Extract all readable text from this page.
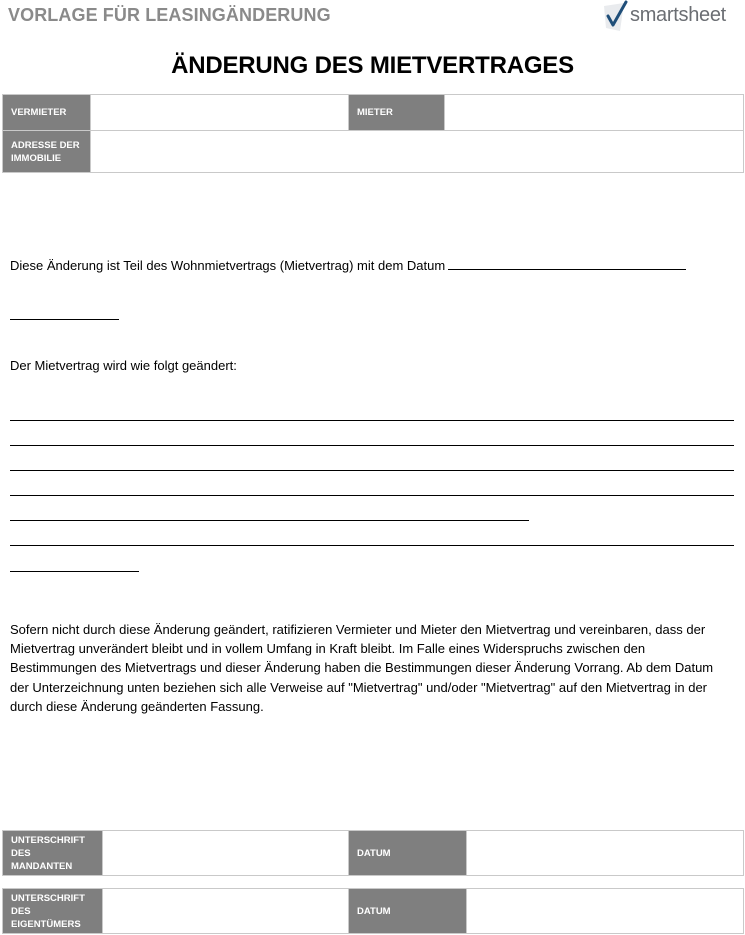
VORLAGE FÜR LEASINGÄNDERUNG	smartsheet
ÄNDERUNG DES MIETVERTRAGES
VERMIETER		MIETER	
ADRESSE DER IMMOBILIE			
Diese Änderung ist Teil des Wohnmietvertrags (Mietvertrag) mit dem Datum
Der Mietvertrag wird wie folgt geändert:
Sofern nicht durch diese Änderung geändert, ratifizieren Vermieter und Mieter den Mietvertrag und vereinbaren, dass der Mietvertrag unverändert bleibt und in vollem Umfang in Kraft bleibt. Im Falle eines Widerspruchs zwischen den Bestimmungen des Mietvertrags und dieser Änderung haben die Bestimmungen dieser Änderung Vorrang. Ab dem Datum der Unterzeichnung unten beziehen sich alle Verweise auf "Mietvertrag" und/oder "Mietvertrag" auf den Mietvertrag in der durch diese Änderung geänderten Fassung.
UNTERSCHRIFT DES MANDANTEN		DATUM	
UNTERSCHRIFT DES EIGENTÜMERS		DATUM	
